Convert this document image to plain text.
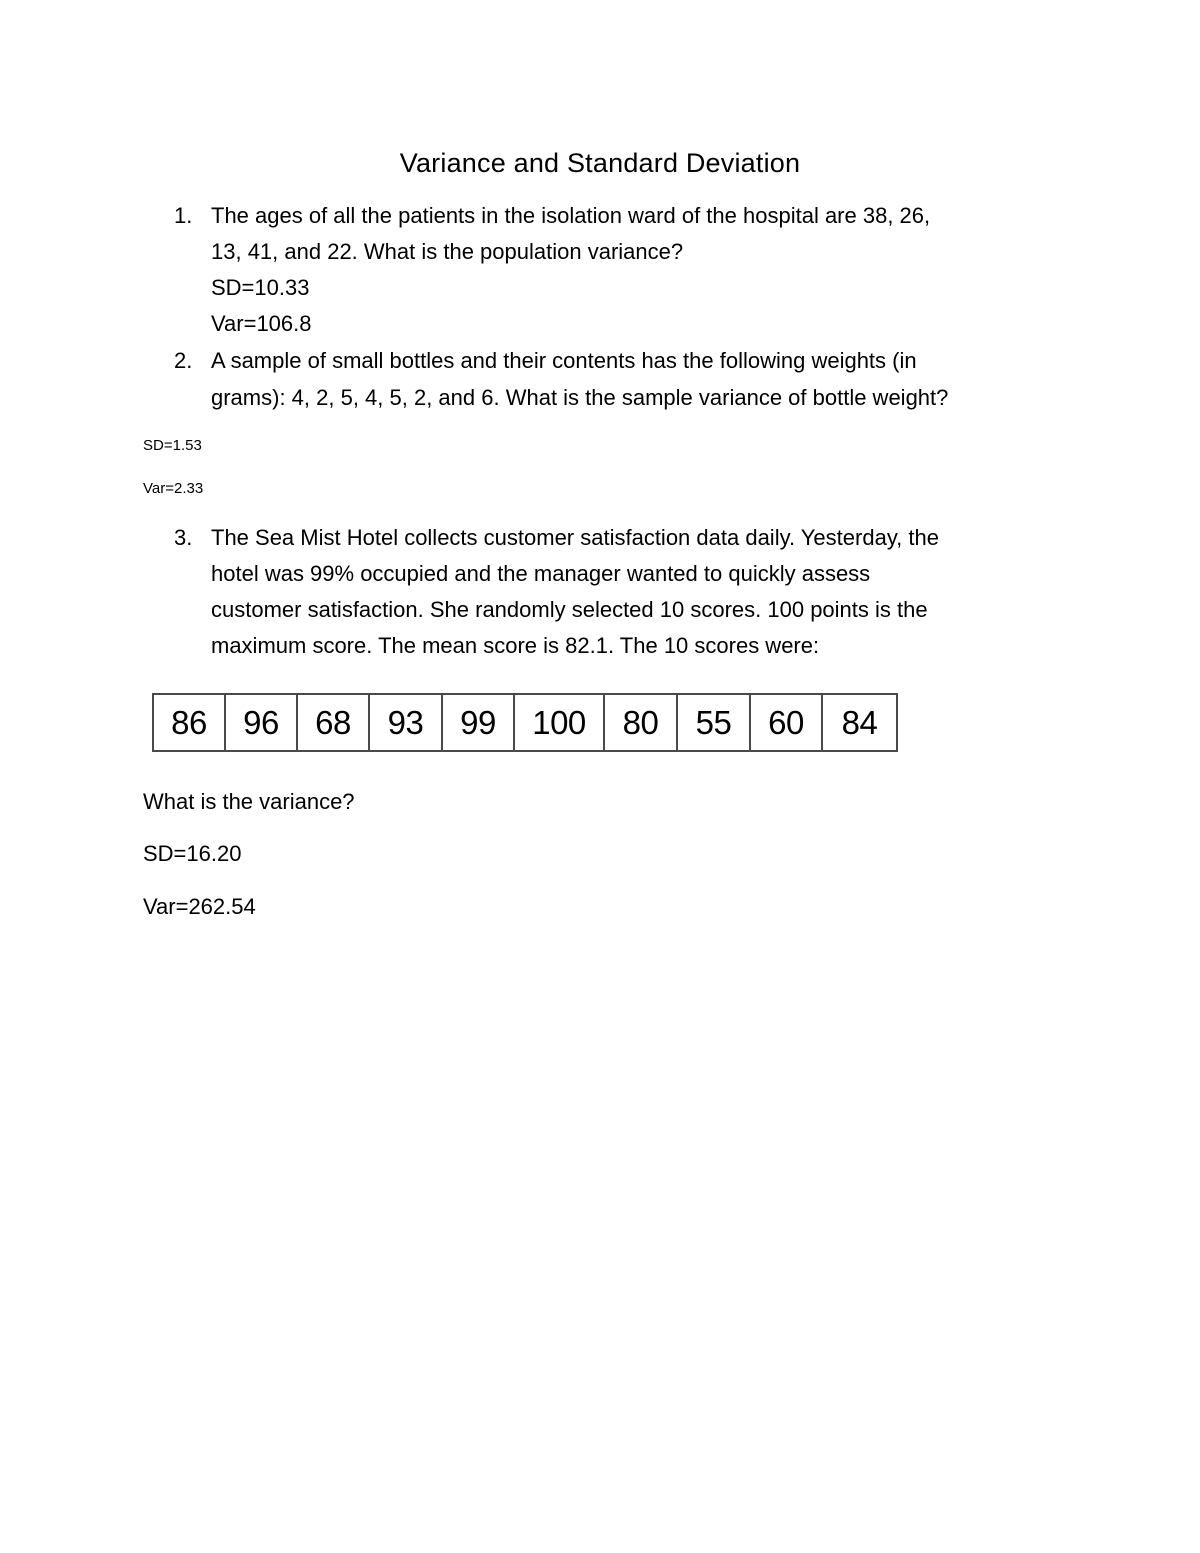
Variance and Standard Deviation
1. The ages of all the patients in the isolation ward of the hospital are 38, 26,
13, 41, and 22. What is the population variance?
SD=10.33
Var=106.8
2. A sample of small bottles and their contents has the following weights (in
grams): 4, 2, 5, 4, 5, 2, and 6. What is the sample variance of bottle weight?
SD=1.53
Var=2.33
3. The Sea Mist Hotel collects customer satisfaction data daily. Yesterday, the
hotel was 99% occupied and the manager wanted to quickly assess
customer satisfaction. She randomly selected 10 scores. 100 points is the
maximum score. The mean score is 82.1. The 10 scores were:
86	96	68	93	99	100	80	55	60	84
What is the variance?
SD=16.20
Var=262.54
